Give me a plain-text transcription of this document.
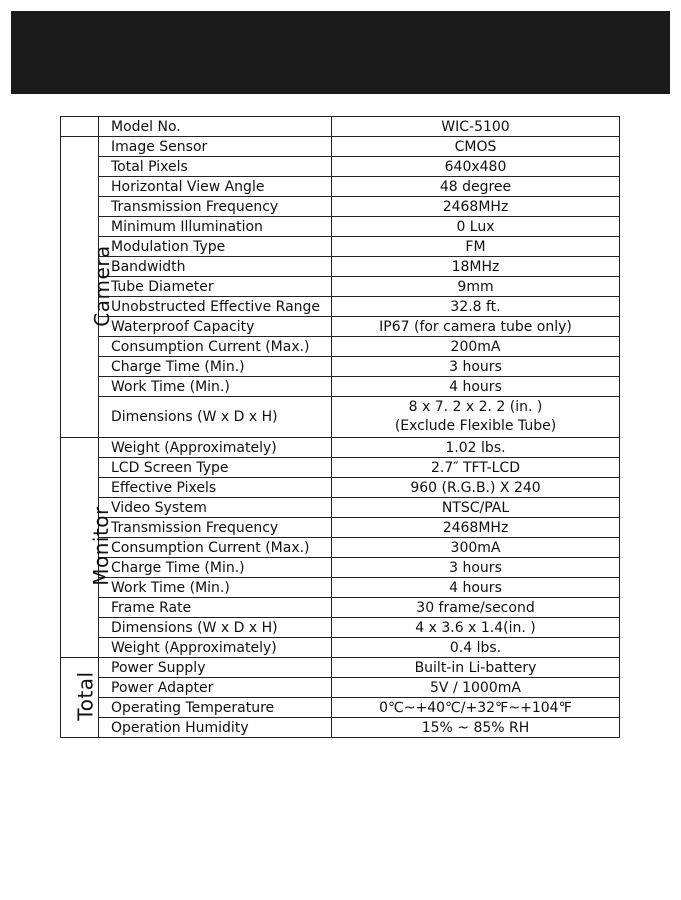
	Model No.	WIC-5100
Camera	Image Sensor	CMOS
	Total Pixels	640x480
	Horizontal View Angle	48 degree
	Transmission Frequency	2468MHz
	Minimum Illumination	0 Lux
	Modulation Type	FM
	Bandwidth	18MHz
	Tube Diameter	9mm
	Unobstructed Effective Range	32.8 ft.
	Waterproof Capacity	IP67 (for camera tube only)
	Consumption Current (Max.)	200mA
	Charge Time (Min.)	3 hours
	Work Time (Min.)	4 hours
	Dimensions (W x D x H)	8 x 7. 2 x 2. 2 (in. )
(Exclude Flexible Tube)

Monitor	Weight (Approximately)	1.02 lbs.
	LCD Screen Type	2.7″ TFT-LCD
	Effective Pixels	960 (R.G.B.) X 240
	Video System	NTSC/PAL
	Transmission Frequency	2468MHz
	Consumption Current (Max.)	300mA
	Charge Time (Min.)	3 hours
	Work Time (Min.)	4 hours
	Frame Rate	30 frame/second
	Dimensions (W x D x H)	4 x 3.6 x 1.4(in. )
	Weight (Approximately)	0.4 lbs.
Total	Power Supply	Built-in Li-battery
	Power Adapter	5V / 1000mA
	Operating Temperature	0℃~+40℃/+32℉~+104℉
	Operation Humidity	15% ~ 85% RH
